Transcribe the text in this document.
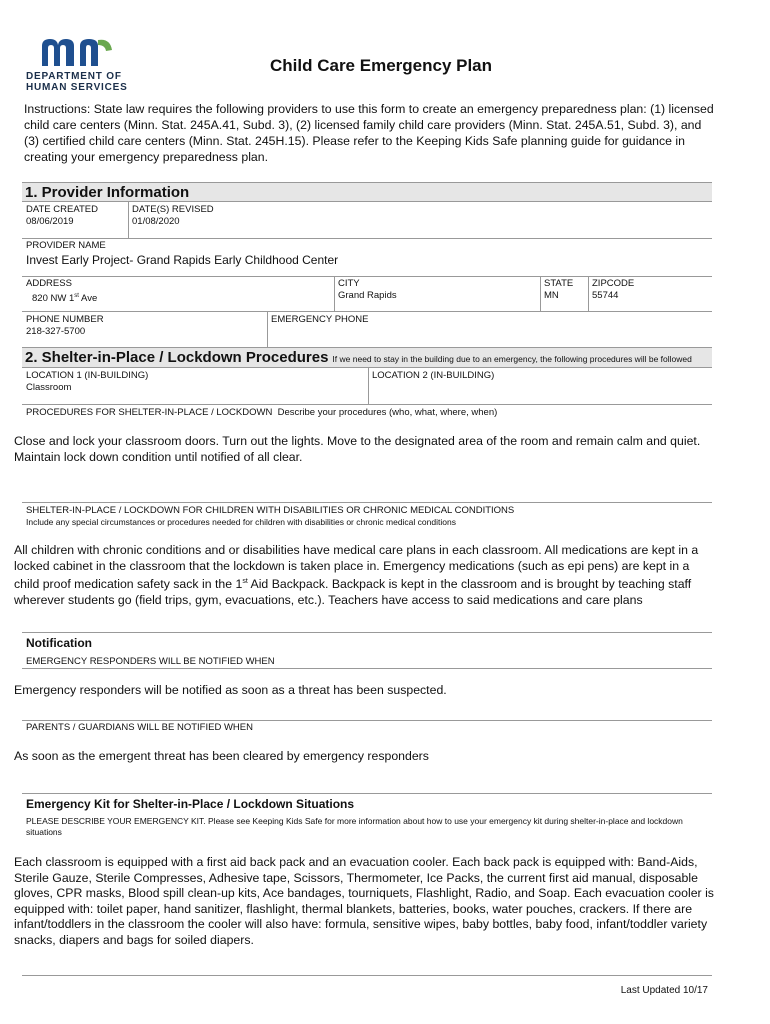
DEPARTMENT OF
HUMAN SERVICES
Child Care Emergency Plan
Instructions: State law requires the following providers to use this form to create an emergency preparedness plan: (1) licensed child care centers (Minn. Stat. 245A.41, Subd. 3), (2) licensed family child care providers (Minn. Stat. 245A.51, Subd. 3), and (3) certified child care centers (Minn. Stat. 245H.15). Please refer to the Keeping Kids Safe planning guide for guidance in creating your emergency preparedness plan.
1. Provider Information
DATE CREATED
08/06/2019
DATE(S) REVISED
01/08/2020
PROVIDER NAME
Invest Early Project- Grand Rapids Early Childhood Center
ADDRESS
820 NW 1st Ave
CITY
Grand Rapids
STATE
MN
ZIPCODE
55744
PHONE NUMBER
218-327-5700
EMERGENCY PHONE
2. Shelter-in-Place / Lockdown Procedures If we need to stay in the building due to an emergency, the following procedures will be followed
LOCATION 1 (IN-BUILDING)
Classroom
LOCATION 2 (IN-BUILDING)
PROCEDURES FOR SHELTER-IN-PLACE / LOCKDOWN Describe your procedures (who, what, where, when)
Close and lock your classroom doors. Turn out the lights. Move to the designated area of the room and remain calm and quiet. Maintain lock down condition until notified of all clear.
SHELTER-IN-PLACE / LOCKDOWN FOR CHILDREN WITH DISABILITIES OR CHRONIC MEDICAL CONDITIONS
Include any special circumstances or procedures needed for children with disabilities or chronic medical conditions
All children with chronic conditions and or disabilities have medical care plans in each classroom. All medications are kept in a locked cabinet in the classroom that the lockdown is taken place in. Emergency medications (such as epi pens) are kept in a child proof medication safety sack in the 1st Aid Backpack. Backpack is kept in the classroom and is brought by teaching staff wherever students go (field trips, gym, evacuations, etc.). Teachers have access to said medications and care plans
Notification
EMERGENCY RESPONDERS WILL BE NOTIFIED WHEN
Emergency responders will be notified as soon as a threat has been suspected.
PARENTS / GUARDIANS WILL BE NOTIFIED WHEN
As soon as the emergent threat has been cleared by emergency responders
Emergency Kit for Shelter-in-Place / Lockdown Situations
PLEASE DESCRIBE YOUR EMERGENCY KIT. Please see Keeping Kids Safe for more information about how to use your emergency kit during shelter-in-place and lockdown situations
Each classroom is equipped with a first aid back pack and an evacuation cooler. Each back pack is equipped with: Band-Aids, Sterile Gauze, Sterile Compresses, Adhesive tape, Scissors, Thermometer, Ice Packs, the current first aid manual, disposable gloves, CPR masks, Blood spill clean-up kits, Ace bandages, tourniquets, Flashlight, Radio, and Soap. Each evacuation cooler is equipped with: toilet paper, hand sanitizer, flashlight, thermal blankets, batteries, books, water pouches, crackers. If there are infant/toddlers in the classroom the cooler will also have: formula, sensitive wipes, baby bottles, baby food, infant/toddler variety snacks, diapers and bags for soiled diapers.
Last Updated 10/17
